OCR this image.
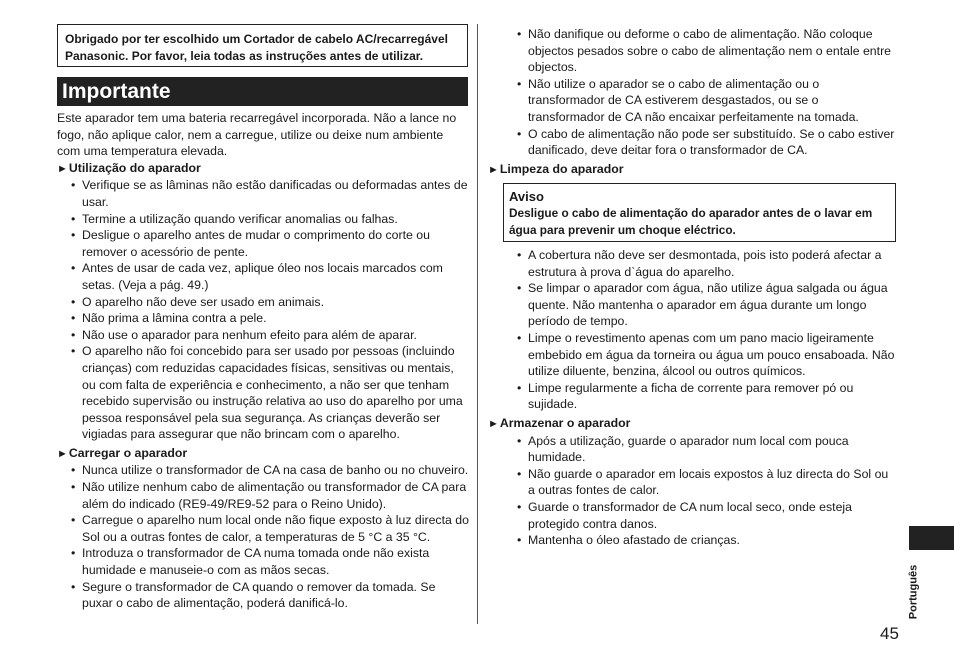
Obrigado por ter escolhido um Cortador de cabelo AC/recarregável
Panasonic. Por favor, leia todas as instruções antes de utilizar.
Importante

Este aparador tem uma bateria recarregável incorporada. Não a lance no fogo, não aplique calor, nem a carregue, utilize ou deixe num ambiente com uma temperatura elevada.

►Utilização do aparador
• Verifique se as lâminas não estão danificadas ou deformadas antes de usar.
• Termine a utilização quando verificar anomalias ou falhas.
• Desligue o aparelho antes de mudar o comprimento do corte ou remover o acessório de pente.
• Antes de usar de cada vez, aplique óleo nos locais marcados com setas. (Veja a pág. 49.)
• O aparelho não deve ser usado em animais.
• Não prima a lâmina contra a pele.
• Não use o aparador para nenhum efeito para além de aparar.
• O aparelho não foi concebido para ser usado por pessoas (incluindo crianças) com reduzidas capacidades físicas, sensitivas ou mentais, ou com falta de experiência e conhecimento, a não ser que tenham recebido supervisão ou instrução relativa ao uso do aparelho por uma pessoa responsável pela sua segurança. As crianças deverão ser vigiadas para assegurar que não brincam com o aparelho.
►Carregar o aparador
• Nunca utilize o transformador de CA na casa de banho ou no chuveiro.
• Não utilize nenhum cabo de alimentação ou transformador de CA para além do indicado (RE9-49/RE9-52 para o Reino Unido).
• Carregue o aparelho num local onde não fique exposto à luz directa do Sol ou a outras fontes de calor, a temperaturas de 5 °C a 35 °C.
• Introduza o transformador de CA numa tomada onde não exista humidade e manuseie-o com as mãos secas.
• Segure o transformador de CA quando o remover da tomada. Se puxar o cabo de alimentação, poderá danificá-lo.
• Não danifique ou deforme o cabo de alimentação. Não coloque objectos pesados sobre o cabo de alimentação nem o entale entre objectos.
• Não utilize o aparador se o cabo de alimentação ou o transformador de CA estiverem desgastados, ou se o transformador de CA não encaixar perfeitamente na tomada.
• O cabo de alimentação não pode ser substituído. Se o cabo estiver danificado, deve deitar fora o transformador de CA.
►Limpeza do aparador
Aviso
Desligue o cabo de alimentação do aparador antes de o lavar em água para prevenir um choque eléctrico.
• A cobertura não deve ser desmontada, pois isto poderá afectar a estrutura à prova d`água do aparelho.
• Se limpar o aparador com água, não utilize água salgada ou água quente. Não mantenha o aparador em água durante um longo período de tempo.
• Limpe o revestimento apenas com um pano macio ligeiramente embebido em água da torneira ou água um pouco ensaboada. Não utilize diluente, benzina, álcool ou outros químicos.
• Limpe regularmente a ficha de corrente para remover pó ou sujidade.
►Armazenar o aparador
• Após a utilização, guarde o aparador num local com pouca humidade.
• Não guarde o aparador em locais expostos à luz directa do Sol ou a outras fontes de calor.
• Guarde o transformador de CA num local seco, onde esteja protegido contra danos.
• Mantenha o óleo afastado de crianças.
Português
45
